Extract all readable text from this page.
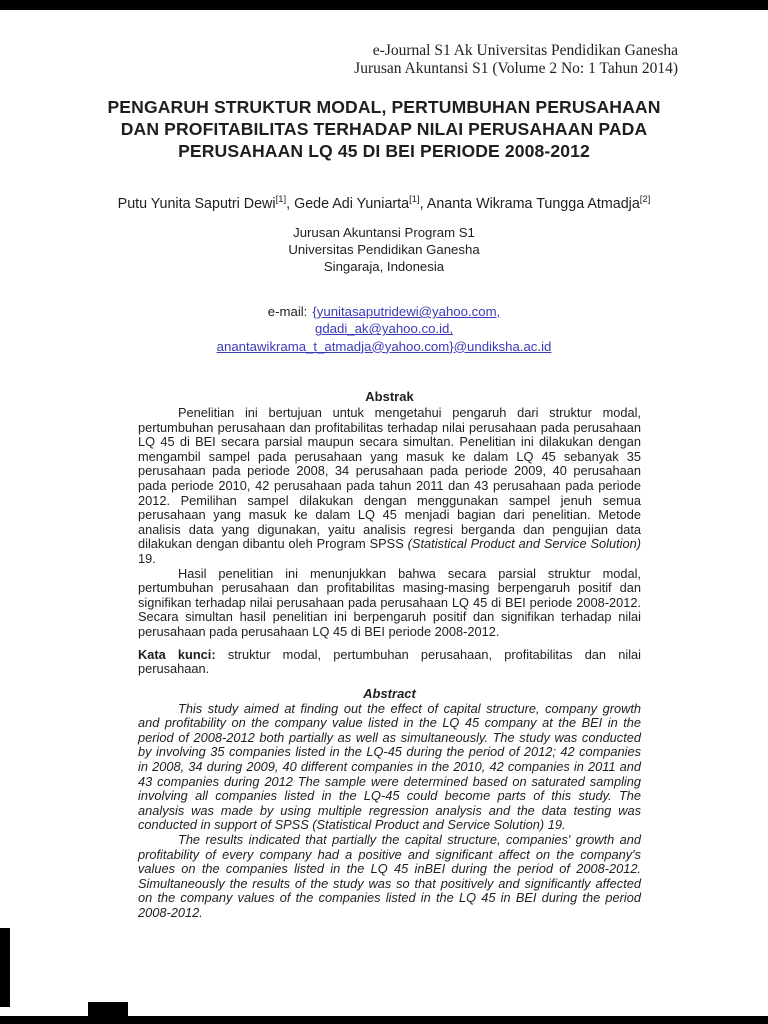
e-Journal S1 Ak Universitas Pendidikan Ganesha
Jurusan Akuntansi S1 (Volume 2 No: 1 Tahun 2014)
PENGARUH STRUKTUR MODAL, PERTUMBUHAN PERUSAHAAN
DAN PROFITABILITAS TERHADAP NILAI PERUSAHAAN PADA
PERUSAHAAN LQ 45 DI BEI PERIODE 2008-2012
Putu Yunita Saputri Dewi[1], Gede Adi Yuniarta[1], Ananta Wikrama Tungga Atmadja[2]
Jurusan Akuntansi Program S1
Universitas Pendidikan Ganesha
Singaraja, Indonesia
e-mail: {yunitasaputridewi@yahoo.com,
gdadi_ak@yahoo.co.id,
anantawikrama_t_atmadja@yahoo.com}@undiksha.ac.id
Abstrak

Penelitian ini bertujuan untuk mengetahui pengaruh dari struktur modal, pertumbuhan perusahaan dan profitabilitas terhadap nilai perusahaan pada perusahaan LQ 45 di BEI secara parsial maupun secara simultan. Penelitian ini dilakukan dengan mengambil sampel pada perusahaan yang masuk ke dalam LQ 45 sebanyak 35 perusahaan pada periode 2008, 34 perusahaan pada periode 2009, 40 perusahaan pada periode 2010, 42 perusahaan pada tahun 2011 dan 43 perusahaan pada periode 2012. Pemilihan sampel dilakukan dengan menggunakan sampel jenuh semua perusahaan yang masuk ke dalam LQ 45 menjadi bagian dari penelitian. Metode analisis data yang digunakan, yaitu analisis regresi berganda dan pengujian data dilakukan dengan dibantu oleh Program SPSS (Statistical Product and Service Solution) 19.

Hasil penelitian ini menunjukkan bahwa secara parsial struktur modal, pertumbuhan perusahaan dan profitabilitas masing-masing berpengaruh positif dan signifikan terhadap nilai perusahaan pada perusahaan LQ 45 di BEI periode 2008-2012. Secara simultan hasil penelitian ini berpengaruh positif dan signifikan terhadap nilai perusahaan pada perusahaan LQ 45 di BEI periode 2008-2012.

Kata kunci: struktur modal, pertumbuhan perusahaan, profitabilitas dan nilai perusahaan.

Abstract

This study aimed at finding out the effect of capital structure, company growth and profitability on the company value listed in the LQ 45 company at the BEI in the period of 2008-2012 both partially as well as simultaneously. The study was conducted by involving 35 companies listed in the LQ-45 during the period of 2012; 42 companies in 2008, 34 during 2009, 40 different companies in the 2010, 42 companies in 2011 and 43 companies during 2012 The sample were determined based on saturated sampling involving all companies listed in the LQ-45 could become parts of this study. The analysis was made by using multiple regression analysis and the data testing was conducted in support of SPSS (Statistical Product and Service Solution) 19.

The results indicated that partially the capital structure, companies' growth and profitability of every company had a positive and significant affect on the company's values on the companies listed in the LQ 45 inBEI during the period of 2008-2012. Simultaneously the results of the study was so that positively and significantly affected on the company values of the companies listed in the LQ 45 in BEI during the period 2008-2012.
